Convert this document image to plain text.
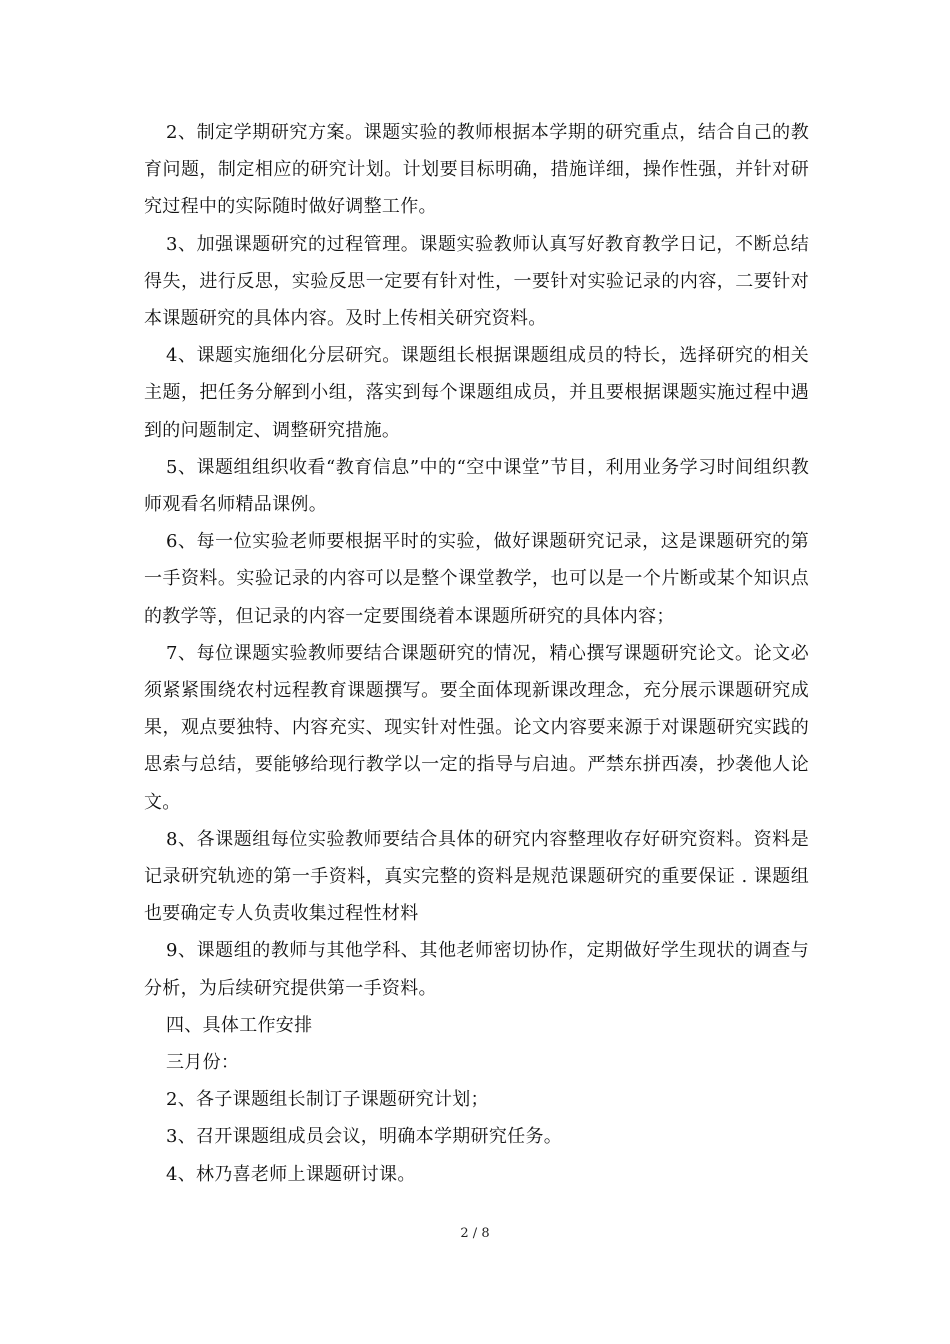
2、制定学期研究方案。课题实验的教师根据本学期的研究重点，结合自己的教育问题，制定相应的研究计划。计划要目标明确，措施详细，操作性强，并针对研究过程中的实际随时做好调整工作。

3、加强课题研究的过程管理。课题实验教师认真写好教育教学日记，不断总结得失，进行反思，实验反思一定要有针对性，一要针对实验记录的内容，二要针对本课题研究的具体内容。及时上传相关研究资料。

4、课题实施细化分层研究。课题组长根据课题组成员的特长，选择研究的相关主题，把任务分解到小组，落实到每个课题组成员，并且要根据课题实施过程中遇到的问题制定、调整研究措施。

5、课题组组织收看“教育信息”中的“空中课堂”节目，利用业务学习时间组织教师观看名师精品课例。

6、每一位实验老师要根据平时的实验，做好课题研究记录，这是课题研究的第一手资料。实验记录的内容可以是整个课堂教学，也可以是一个片断或某个知识点的教学等，但记录的内容一定要围绕着本课题所研究的具体内容；

7、每位课题实验教师要结合课题研究的情况，精心撰写课题研究论文。论文必须紧紧围绕农村远程教育课题撰写。要全面体现新课改理念，充分展示课题研究成果，观点要独特、内容充实、现实针对性强。论文内容要来源于对课题研究实践的思索与总结，要能够给现行教学以一定的指导与启迪。严禁东拼西凑，抄袭他人论文。

8、各课题组每位实验教师要结合具体的研究内容整理收存好研究资料。资料是记录研究轨迹的第一手资料，真实完整的资料是规范课题研究的重要保证 . 课题组也要确定专人负责收集过程性材料

9、课题组的教师与其他学科、其他老师密切协作，定期做好学生现状的调查与分析，为后续研究提供第一手资料。

四、具体工作安排

三月份：

2、各子课题组长制订子课题研究计划；

3、召开课题组成员会议，明确本学期研究任务。

4、林乃喜老师上课题研讨课。

2 / 8
